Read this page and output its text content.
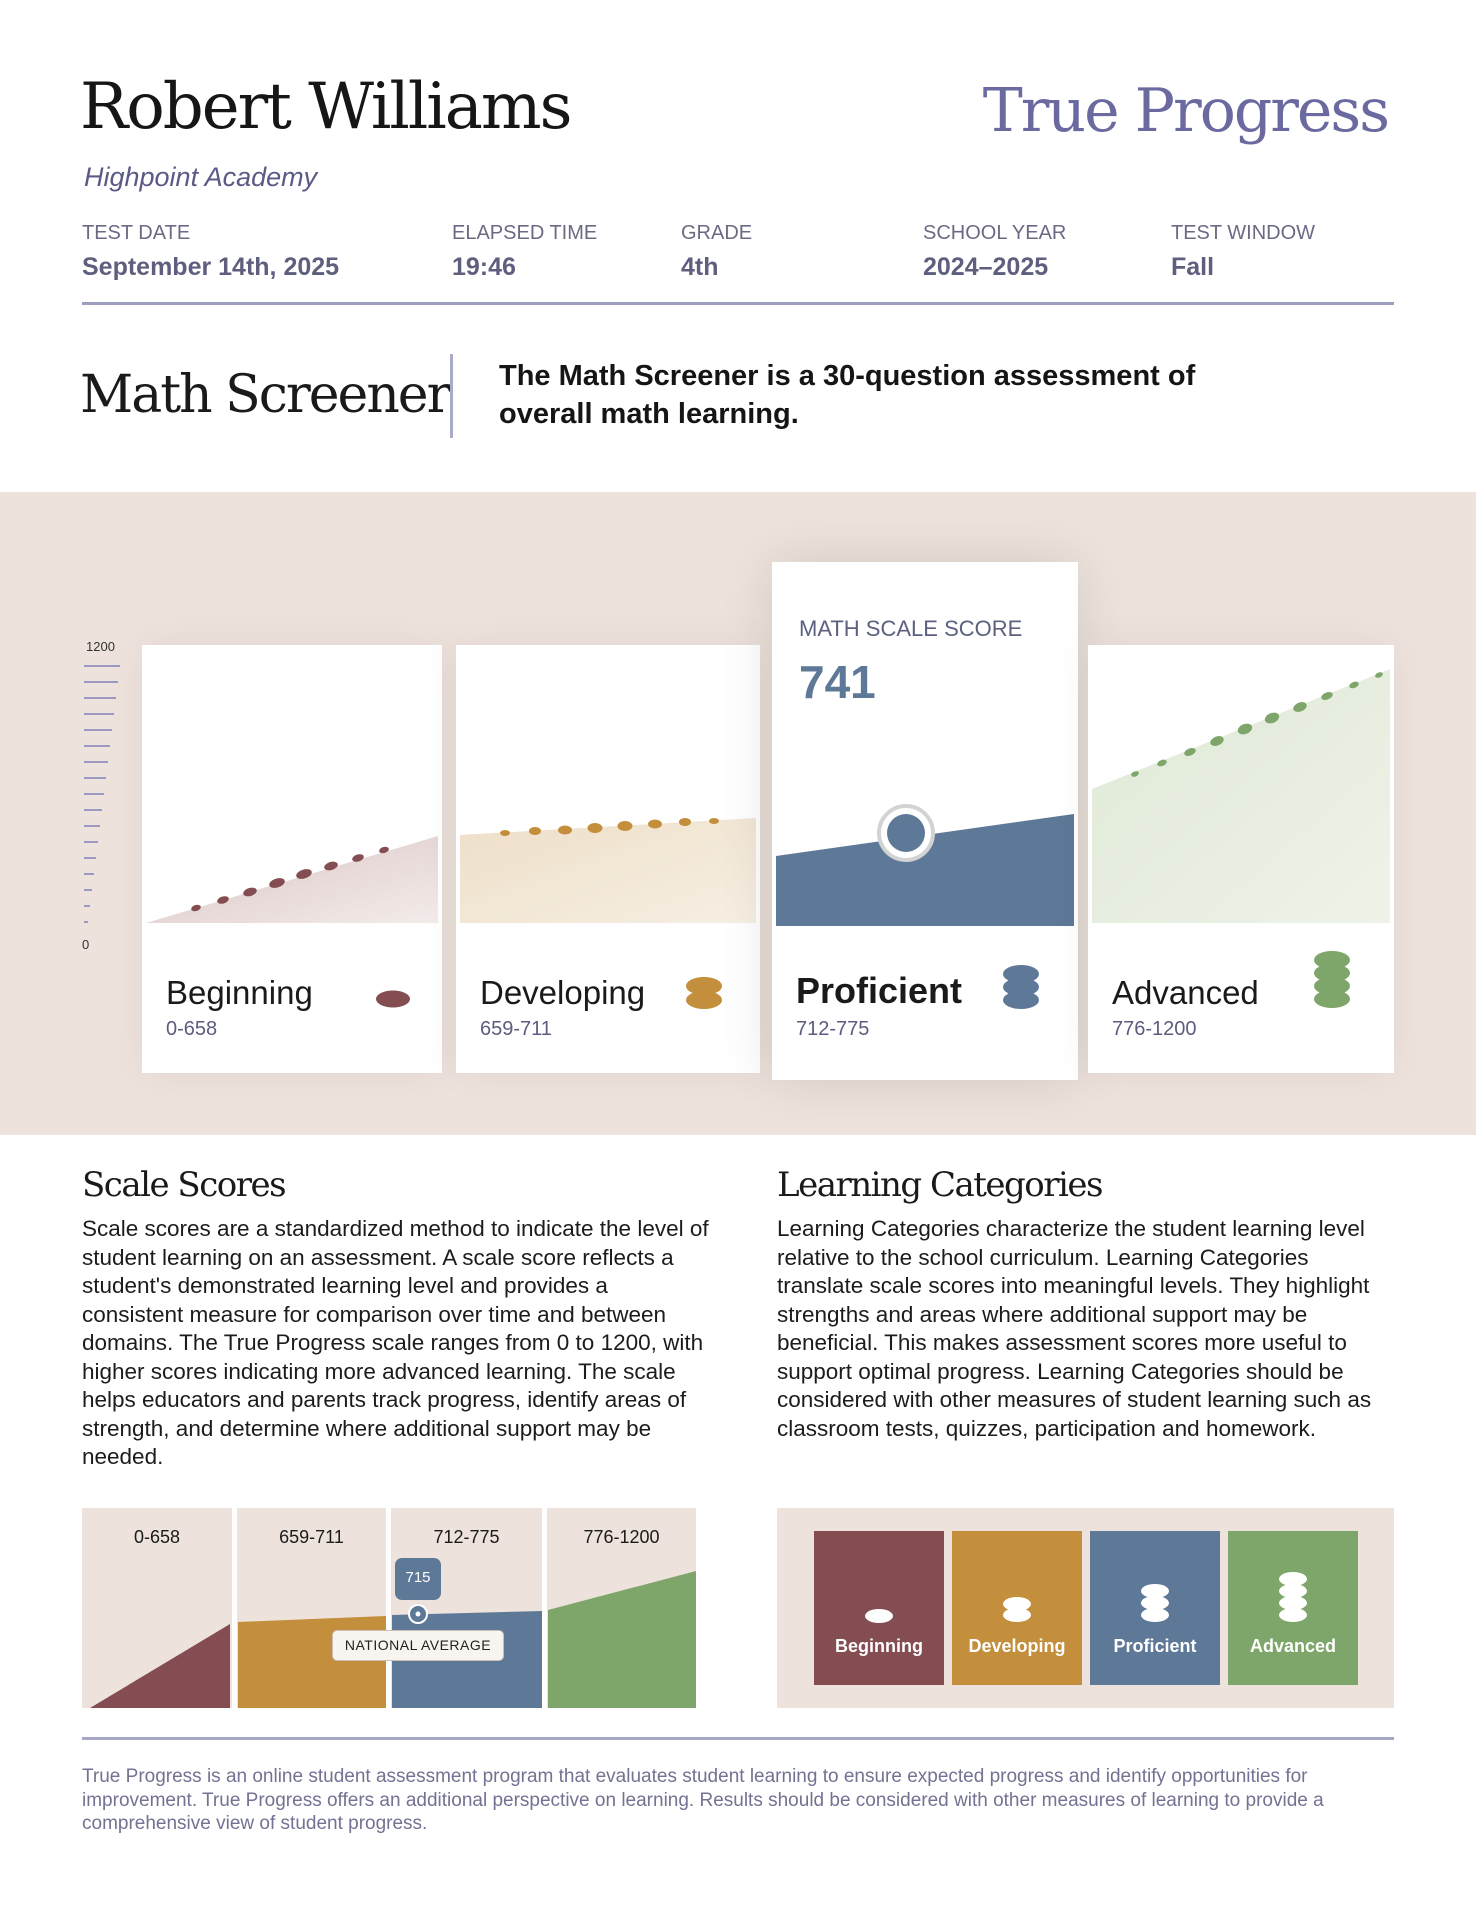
Robert Williams	True Progress
Highpoint Academy
TEST DATE
September 14th, 2025
ELAPSED TIME
19:46
GRADE
4th
SCHOOL YEAR
2024–2025
TEST WINDOW
Fall
Math Screener The Math Screener is a 30-question assessment of overall math learning.
1200
0
Beginning
0-658
Developing
659-711
MATH SCALE SCORE
741
Proficient
712-775
Advanced
776-1200
Scale Scores
Scale scores are a standardized method to indicate the level of student learning on an assessment. A scale score reflects a student's demonstrated learning level and provides a consistent measure for comparison over time and between domains. The True Progress scale ranges from 0 to 1200, with higher scores indicating more advanced learning. The scale helps educators and parents track progress, identify areas of strength, and determine where additional support may be needed.
0-658	659-711	712-775	776-1200
715
NATIONAL AVERAGE
Learning Categories
Learning Categories characterize the student learning level relative to the school curriculum. Learning Categories translate scale scores into meaningful levels. They highlight strengths and areas where additional support may be beneficial. This makes assessment scores more useful to support optimal progress. Learning Categories should be considered with other measures of student learning such as classroom tests, quizzes, participation and homework.
Beginning	Developing	Proficient	Advanced
True Progress is an online student assessment program that evaluates student learning to ensure expected progress and identify opportunities for improvement. True Progress offers an additional perspective on learning. Results should be considered with other measures of learning to provide a comprehensive view of student progress.
